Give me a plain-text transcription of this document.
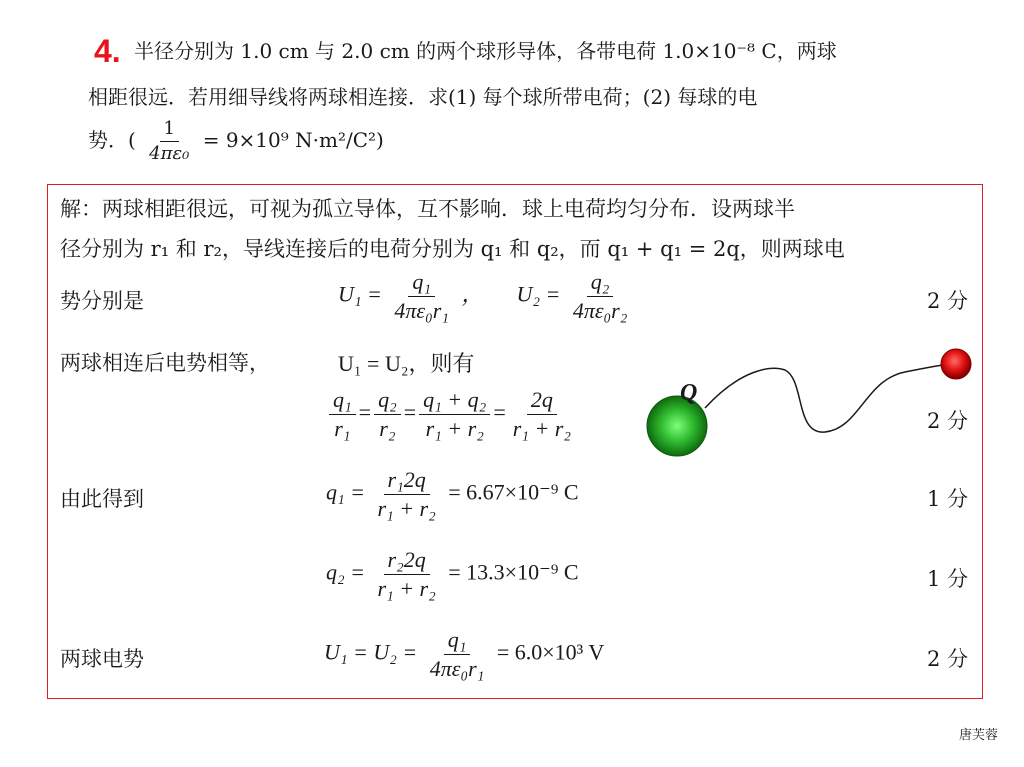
4. 半径分别为 1.0 cm 与 2.0 cm 的两个球形导体，各带电荷 1.0×10⁻⁸ C，两球
相距很远．若用细导线将两球相连接．求(1) 每个球所带电荷；(2) 每球的电
势．( $\frac{1}{\text{4πε₀}} = 9\times 10^9$ N·m²/C²)
解：两球相距很远，可视为孤立导体，互不影响．球上电荷均匀分布．设两球半
径分别为 r₁ 和 r₂，导线连接后的电荷分别为 q₁ 和 q₂，而 q₁ + q₁ = 2q，则两球电
势分别是	$U_1 = \frac{\text{q₁}}{\text{4πε₀r₁}}$ ，　　$U_2 = \frac{\text{q₂}}{\text{4πε₀r₂}}$	2 分
两球相连后电势相等，	U₁ = U₂，则有
$\frac{\text{q₁}}{\text{r₁}} = \frac{\text{q₂}}{\text{r₂}} = \frac{\text{q₁ + q₂}}{\text{r₁ + r₂}} = \frac{2q}{\text{r₁ + r₂}}$	2 分
由此得到	$q_1 = \frac{\text{r₁2q}}{\text{r₁ + r₂}} = 6.67\times 10^{-9}$ C	1 分
$q_2 = \frac{\text{r₂2q}}{\text{r₁ + r₂}} = 13.3\times 10^{-9}$ C	1 分
两球电势	$U_1 = U_2 = \frac{\text{q₁}}{\text{4πε₀r₁}} = 6.0\times 10^3$ V	2 分
Q
唐芙蓉
